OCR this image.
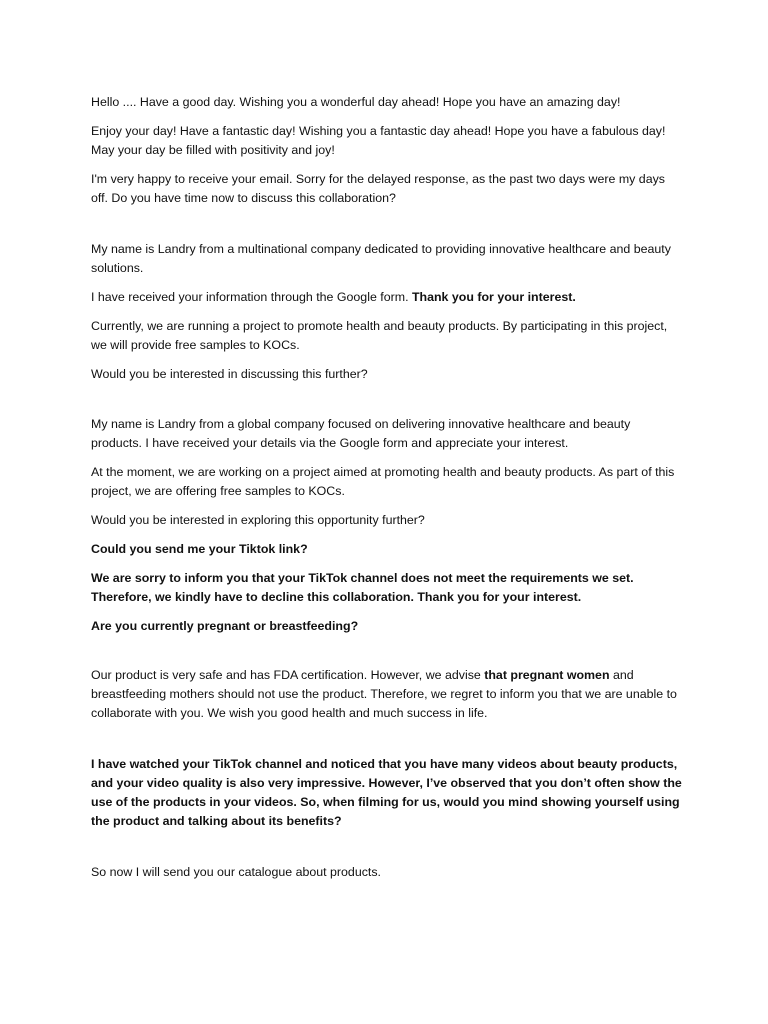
Hello .... Have a good day. Wishing you a wonderful day ahead! Hope you have an amazing day!

Enjoy your day! Have a fantastic day! Wishing you a fantastic day ahead! Hope you have a fabulous day! May your day be filled with positivity and joy!

I'm very happy to receive your email. Sorry for the delayed response, as the past two days were my days off. Do you have time now to discuss this collaboration?

My name is Landry from a multinational company dedicated to providing innovative healthcare and beauty solutions.

I have received your information through the Google form. Thank you for your interest.

Currently, we are running a project to promote health and beauty products. By participating in this project, we will provide free samples to KOCs.

Would you be interested in discussing this further?

My name is Landry from a global company focused on delivering innovative healthcare and beauty products. I have received your details via the Google form and appreciate your interest.

At the moment, we are working on a project aimed at promoting health and beauty products. As part of this project, we are offering free samples to KOCs.

Would you be interested in exploring this opportunity further?

Could you send me your Tiktok link?

We are sorry to inform you that your TikTok channel does not meet the requirements we set. Therefore, we kindly have to decline this collaboration. Thank you for your interest.

Are you currently pregnant or breastfeeding?

Our product is very safe and has FDA certification. However, we advise that pregnant women and breastfeeding mothers should not use the product. Therefore, we regret to inform you that we are unable to collaborate with you. We wish you good health and much success in life.

I have watched your TikTok channel and noticed that you have many videos about beauty products, and your video quality is also very impressive. However, I’ve observed that you don’t often show the use of the products in your videos. So, when filming for us, would you mind showing yourself using the product and talking about its benefits?

So now I will send you our catalogue about products.
